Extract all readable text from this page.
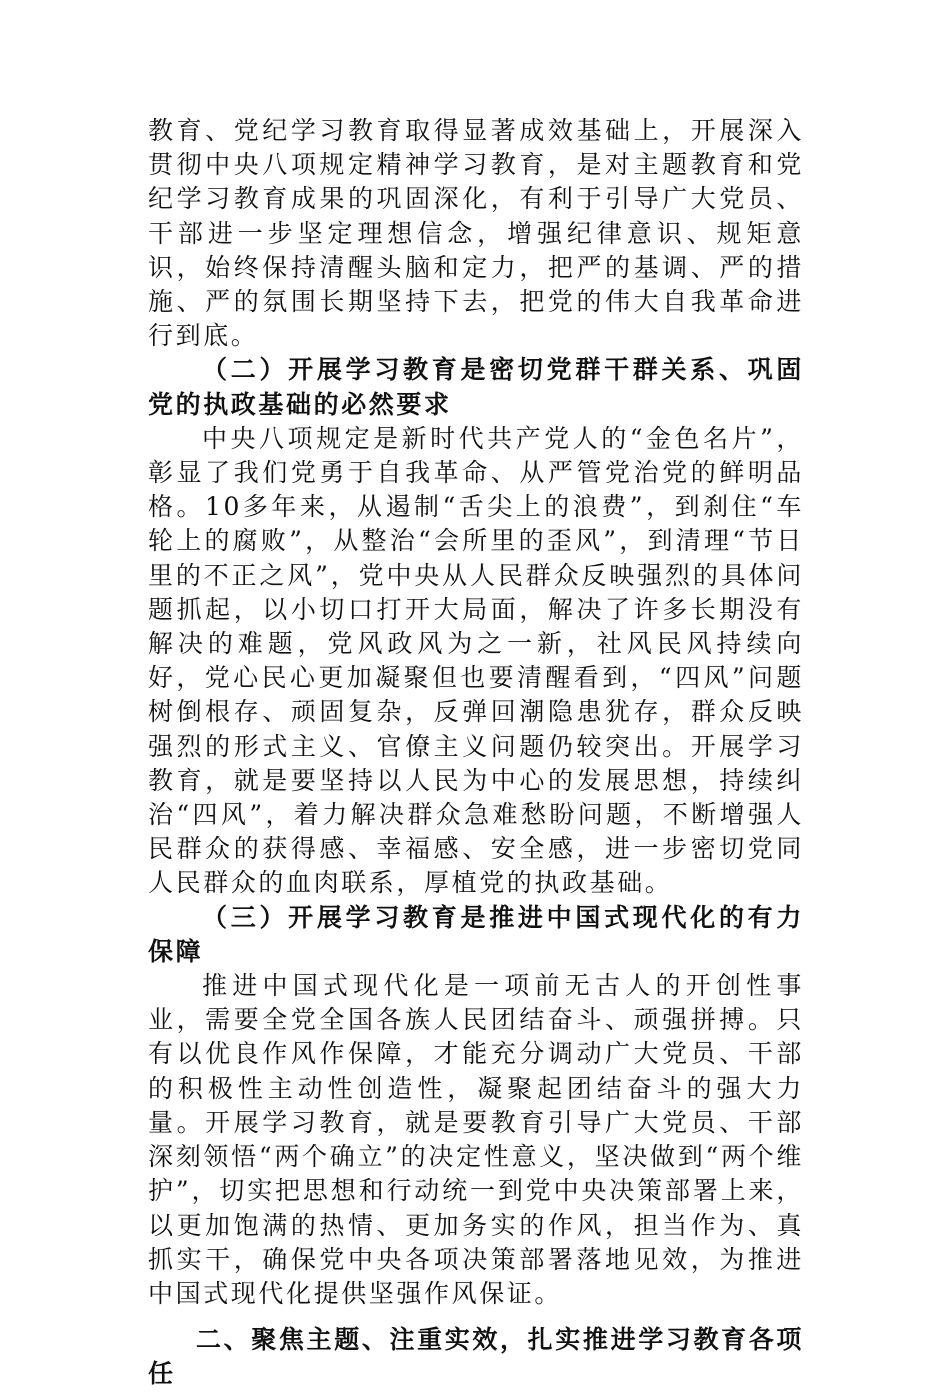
教育、党纪学习教育取得显著成效基础上，开展深入贯彻中央八项规定精神学习教育，是对主题教育和党纪学习教育成果的巩固深化，有利于引导广大党员、干部进一步坚定理想信念，增强纪律意识、规矩意识，始终保持清醒头脑和定力，把严的基调、严的措施、严的氛围长期坚持下去，把党的伟大自我革命进行到底。

（二）开展学习教育是密切党群干群关系、巩固党的执政基础的必然要求

中央八项规定是新时代共产党人的“金色名片”，彰显了我们党勇于自我革命、从严管党治党的鲜明品格。10多年来，从遏制“舌尖上的浪费”，到刹住“车轮上的腐败”，从整治“会所里的歪风”，到清理“节日里的不正之风”，党中央从人民群众反映强烈的具体问题抓起，以小切口打开大局面，解决了许多长期没有解决的难题，党风政风为之一新，社风民风持续向好，党心民心更加凝聚但也要清醒看到，“四风”问题树倒根存、顽固复杂，反弹回潮隐患犹存，群众反映强烈的形式主义、官僚主义问题仍较突出。开展学习教育，就是要坚持以人民为中心的发展思想，持续纠治“四风”，着力解决群众急难愁盼问题，不断增强人民群众的获得感、幸福感、安全感，进一步密切党同人民群众的血肉联系，厚植党的执政基础。

（三）开展学习教育是推进中国式现代化的有力保障

推进中国式现代化是一项前无古人的开创性事业，需要全党全国各族人民团结奋斗、顽强拼搏。只有以优良作风作保障，才能充分调动广大党员、干部的积极性主动性创造性，凝聚起团结奋斗的强大力量。开展学习教育，就是要教育引导广大党员、干部深刻领悟“两个确立”的决定性意义，坚决做到“两个维护”，切实把思想和行动统一到党中央决策部署上来，以更加饱满的热情、更加务实的作风，担当作为、真抓实干，确保党中央各项决策部署落地见效，为推进中国式现代化提供坚强作风保证。

二、聚焦主题、注重实效，扎实推进学习教育各项任
